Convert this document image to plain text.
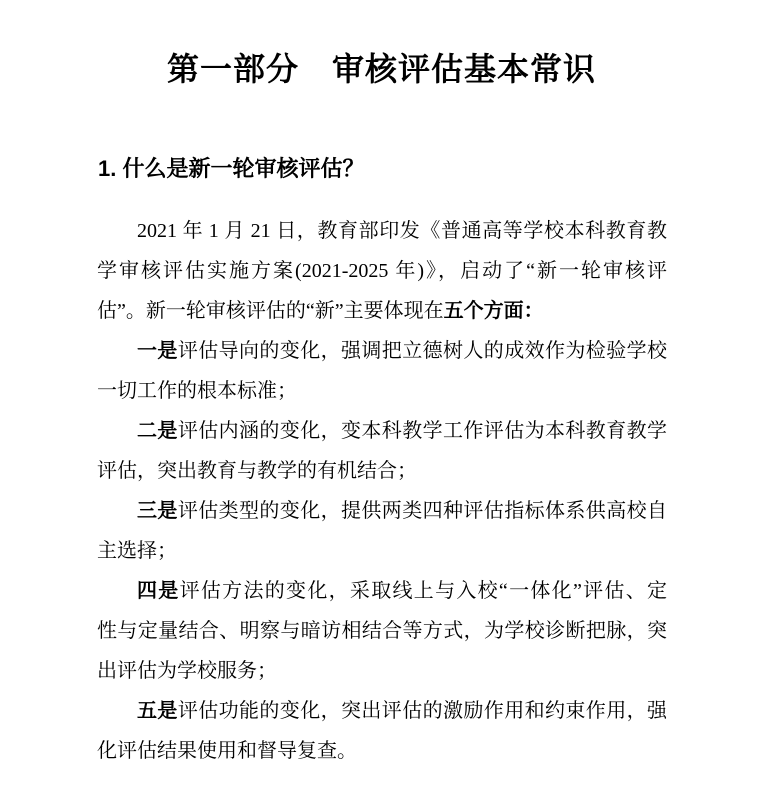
第一部分　审核评估基本常识
1. 什么是新一轮审核评估？
2021 年 1 月 21 日，教育部印发《普通高等学校本科教育教
学审核评估实施方案(2021-2025 年)》，启动了“新一轮审核评
估”。新一轮审核评估的“新”主要体现在五个方面：
一是评估导向的变化，强调把立德树人的成效作为检验学校
一切工作的根本标准；
二是评估内涵的变化，变本科教学工作评估为本科教育教学
评估，突出教育与教学的有机结合；
三是评估类型的变化，提供两类四种评估指标体系供高校自
主选择；
四是评估方法的变化，采取线上与入校“一体化”评估、定
性与定量结合、明察与暗访相结合等方式，为学校诊断把脉，突
出评估为学校服务；
五是评估功能的变化，突出评估的激励作用和约束作用，强
化评估结果使用和督导复查。
